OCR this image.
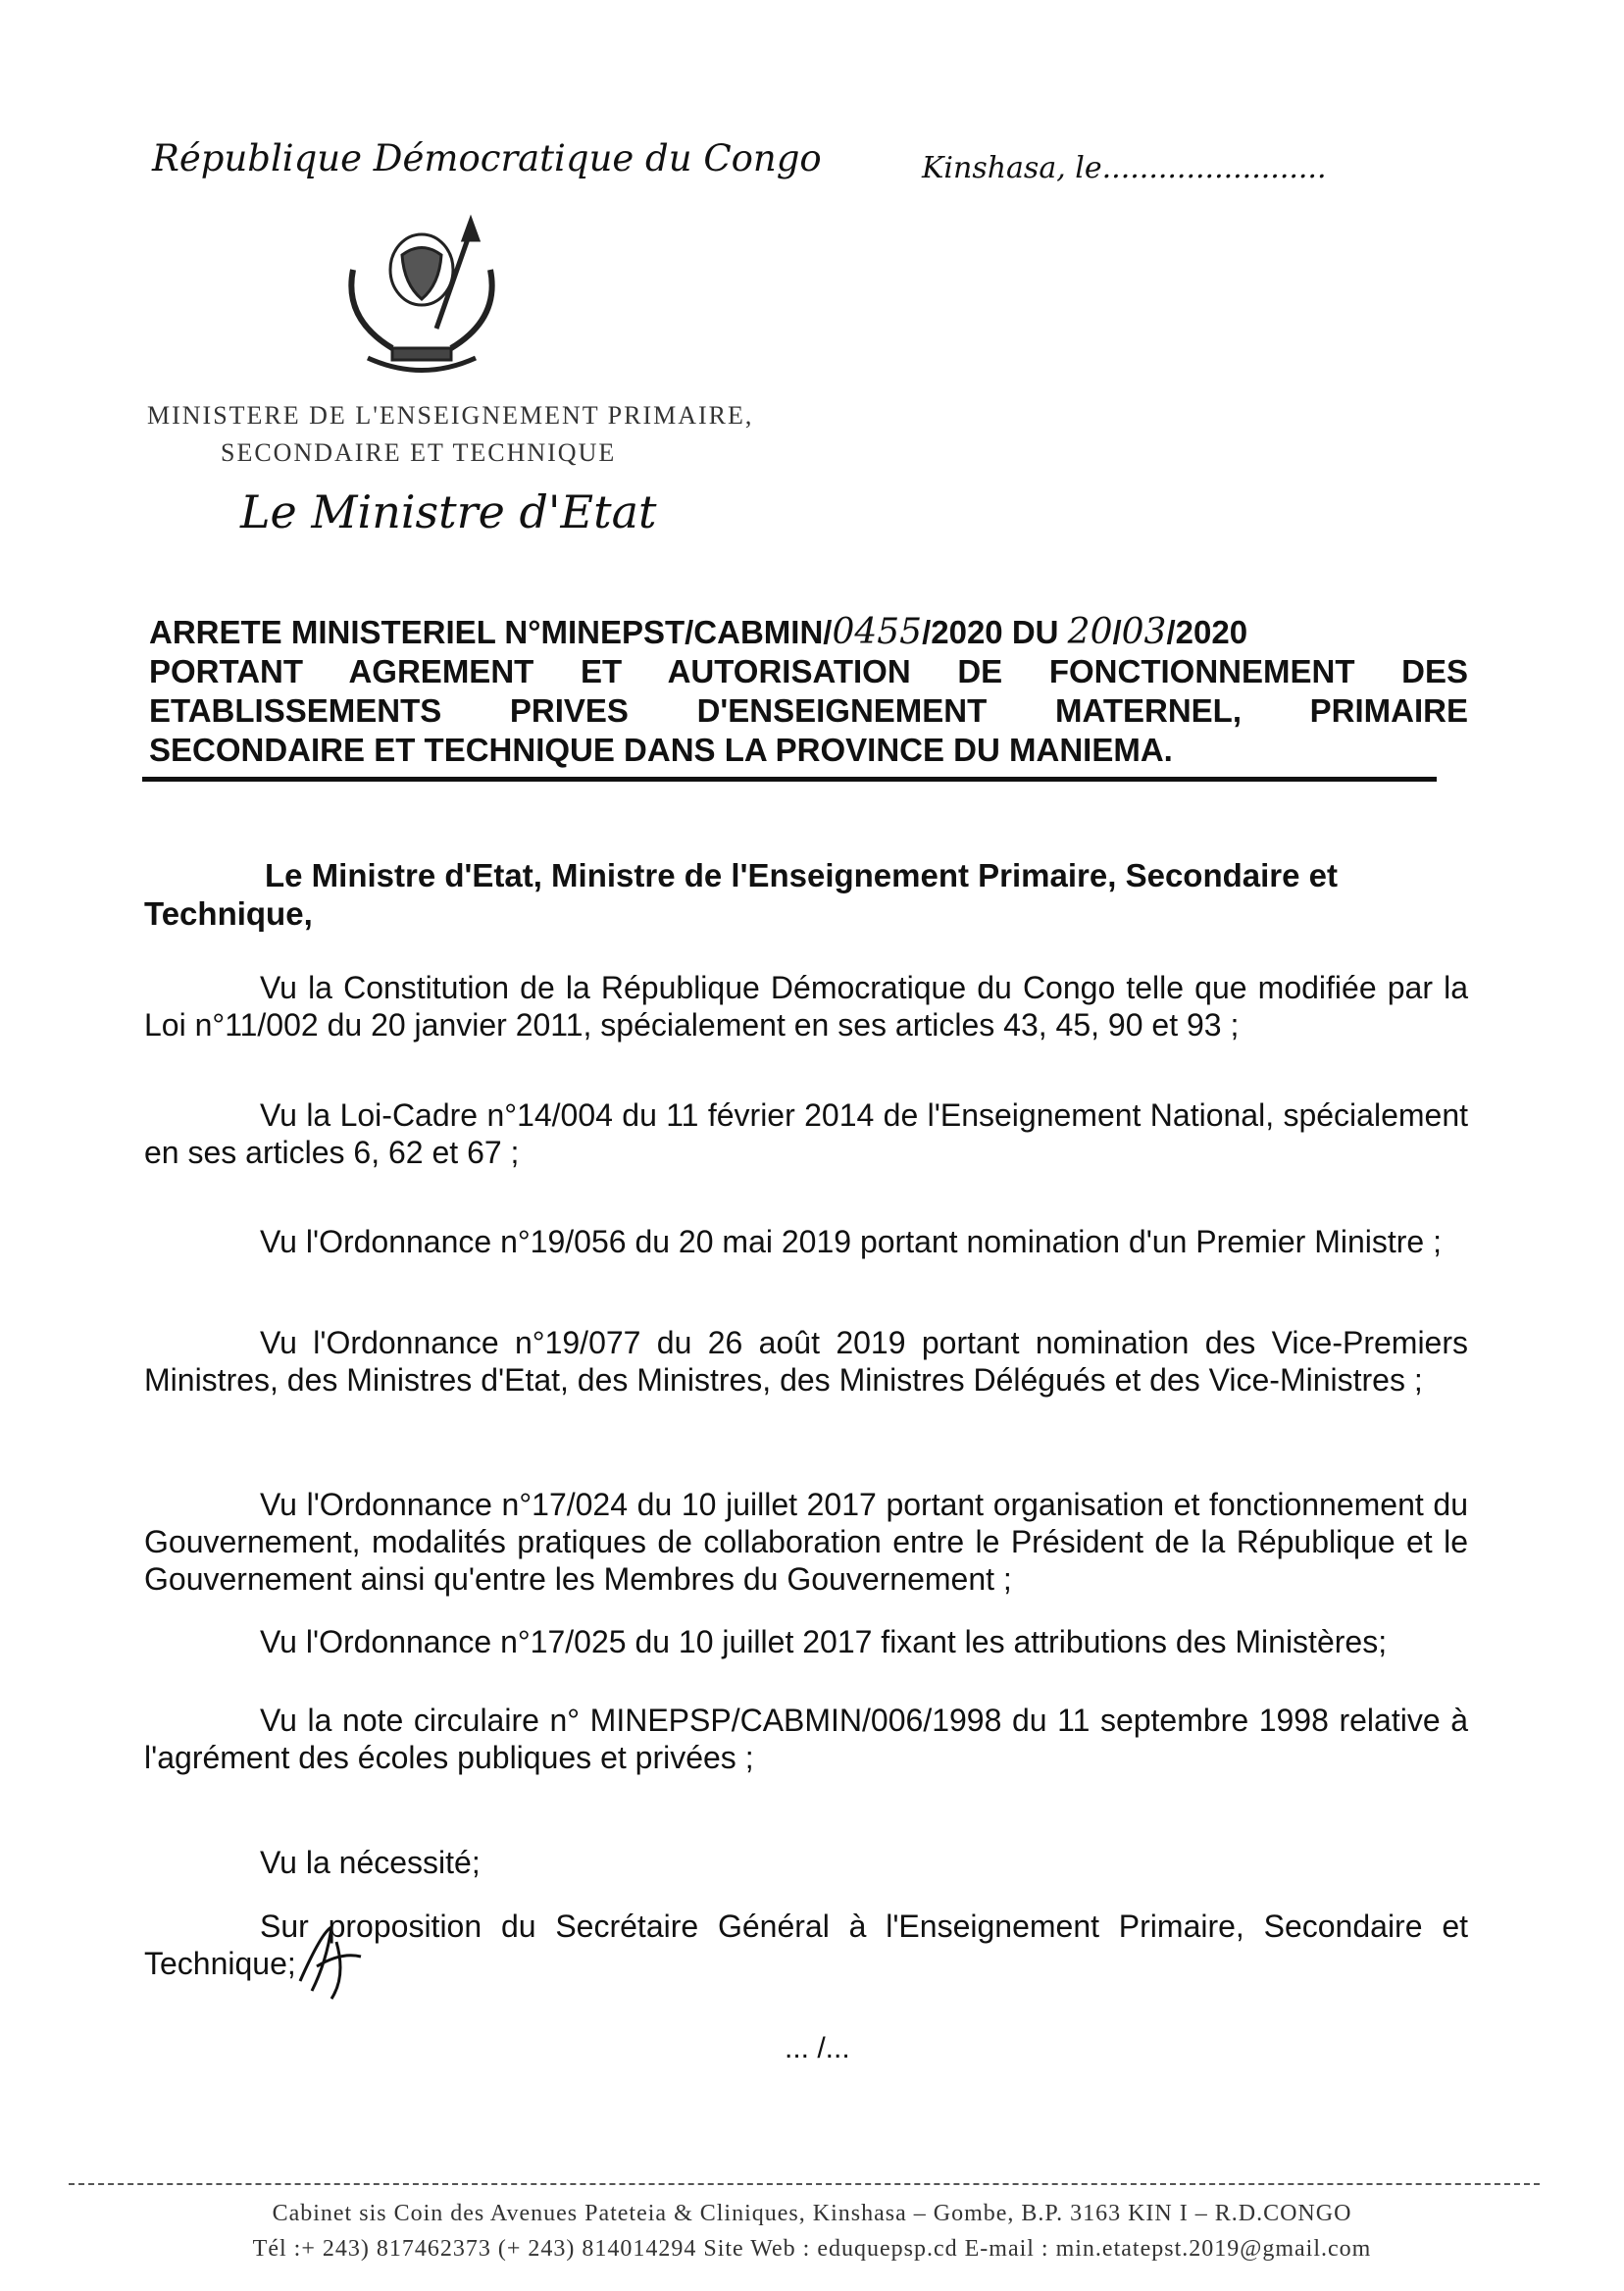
République Démocratique du Congo	Kinshasa, le........................
MINISTERE DE L'ENSEIGNEMENT PRIMAIRE,
SECONDAIRE ET TECHNIQUE
Le Ministre d'Etat
ARRETE MINISTERIEL N°MINEPST/CABMIN/0455/2020 DU 20/03/2020
PORTANT AGREMENT ET AUTORISATION DE FONCTIONNEMENT DES ETABLISSEMENTS PRIVES D'ENSEIGNEMENT MATERNEL, PRIMAIRE
SECONDAIRE ET TECHNIQUE DANS LA PROVINCE DU MANIEMA.
Le Ministre d'Etat, Ministre de l'Enseignement Primaire, Secondaire et
Technique,
Vu la Constitution de la République Démocratique du Congo telle que modifiée par la Loi n°11/002 du 20 janvier 2011, spécialement en ses articles 43, 45, 90 et 93 ;
Vu la Loi-Cadre n°14/004 du 11 février 2014 de l'Enseignement National, spécialement en ses articles 6, 62 et 67 ;
Vu l'Ordonnance n°19/056 du 20 mai 2019 portant nomination d'un Premier Ministre ;
Vu l'Ordonnance n°19/077 du 26 août 2019 portant nomination des Vice-Premiers Ministres, des Ministres d'Etat, des Ministres, des Ministres Délégués et des Vice-Ministres ;
Vu l'Ordonnance n°17/024 du 10 juillet 2017 portant organisation et fonctionnement du Gouvernement, modalités pratiques de collaboration entre le Président de la République et le Gouvernement ainsi qu'entre les Membres du Gouvernement ;
Vu l'Ordonnance n°17/025 du 10 juillet 2017 fixant les attributions des Ministères;
Vu la note circulaire n° MINEPSP/CABMIN/006/1998 du 11 septembre 1998 relative à l'agrément des écoles publiques et privées ;
Vu la nécessité;
Sur proposition du Secrétaire Général à l'Enseignement Primaire, Secondaire et Technique;
... /...
Cabinet sis Coin des Avenues Pateteia & Cliniques, Kinshasa – Gombe, B.P. 3163 KIN I – R.D.CONGO
Tél :+ 243) 817462373 (+ 243) 814014294 Site Web : eduquepsp.cd E-mail : min.etatepst.2019@gmail.com
